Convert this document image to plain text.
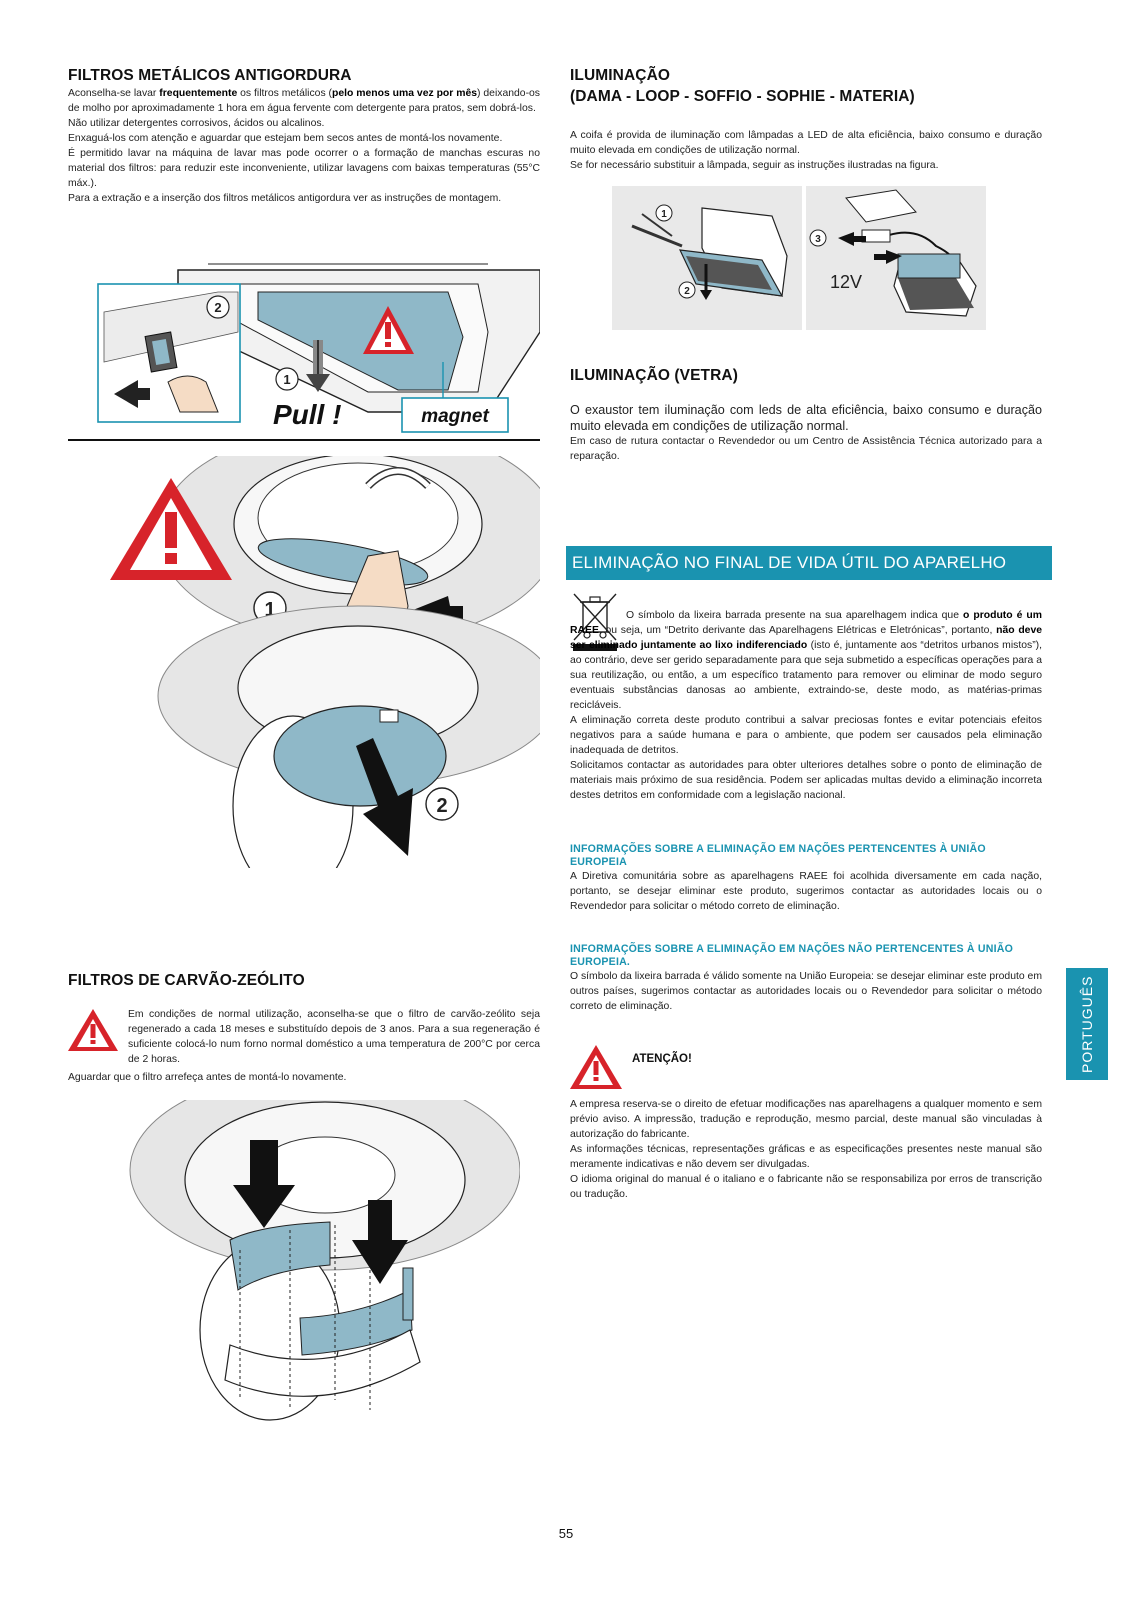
FILTROS METÁLICOS ANTIGORDURA

Aconselha-se lavar frequentemente os filtros metálicos (pelo menos uma vez por mês) deixando-os de molho por aproximadamente 1 hora em água fervente com detergente para pratos, sem dobrá-los.

Não utilizar detergentes corrosivos, ácidos ou alcalinos.

Enxaguá-los com atenção e aguardar que estejam bem secos antes de montá-los novamente.

É permitido lavar na máquina de lavar mas pode ocorrer o a formação de manchas escuras no material dos filtros: para reduzir este inconveniente, utilizar lavagens com baixas temperaturas (55°C máx.).

Para a extração e a inserção dos filtros metálicos antigordura ver as instruções de montagem.

1
Pull !	magnet
2
1
2
FILTROS DE CARVÃO-ZEÓLITO

Em condições de normal utilização, aconselha-se que o filtro de carvão-zeólito seja regenerado a cada 18 meses e substituído depois de 3 anos. Para a sua regeneração é suficiente colocá-lo num forno normal doméstico a uma temperatura de 200°C por cerca de 2 horas.

Aguardar que o filtro arrefeça antes de montá-lo novamente.

ILUMINAÇÃO
(DAMA - LOOP - SOFFIO - SOPHIE - MATERIA)

A coifa é provida de iluminação com lâmpadas a LED de alta eficiência, baixo consumo e duração muito elevada em condições de utilização normal.

Se for necessário substituir a lâmpada, seguir as instruções ilustradas na figura.

1
2
3
12V
ILUMINAÇÃO (VETRA)

O exaustor tem iluminação com leds de alta eficiência, baixo consumo e duração muito elevada em condições de utilização normal.

Em caso de rutura contactar o Revendedor ou um Centro de Assistência Técnica autorizado para a reparação.

ELIMINAÇÃO NO FINAL DE VIDA ÚTIL DO APARELHO

O símbolo da lixeira barrada presente na sua aparelhagem indica que o produto é um RAEE, ou seja, um “Detrito derivante das Aparelhagens Elétricas e Eletrónicas”, portanto, não deve ser eliminado juntamente ao lixo indiferenciado (isto é, juntamente aos “detritos urbanos mistos”), ao contrário, deve ser gerido separadamente para que seja submetido a específicas operações para a sua reutilização, ou então, a um específico tratamento para remover ou eliminar de modo seguro eventuais substâncias danosas ao ambiente, extraindo-se, deste modo, as matérias-primas recicláveis.

A eliminação correta deste produto contribui a salvar preciosas fontes e evitar potenciais efeitos negativos para a saúde humana e para o ambiente, que podem ser causados pela eliminação inadequada de detritos.

Solicitamos contactar as autoridades para obter ulteriores detalhes sobre o ponto de eliminação de materiais mais próximo de sua residência. Podem ser aplicadas multas devido a eliminação incorreta destes detritos em conformidade com a legislação nacional.

INFORMAÇÕES SOBRE A ELIMINAÇÃO EM NAÇÕES PERTENCENTES À UNIÃO EUROPEIA

A Diretiva comunitária sobre as aparelhagens RAEE foi acolhida diversamente em cada nação, portanto, se desejar eliminar este produto, sugerimos contactar as autoridades locais ou o Revendedor para solicitar o método correto de eliminação.

INFORMAÇÕES SOBRE A ELIMINAÇÃO EM NAÇÕES NÃO PERTENCENTES À UNIÃO EUROPEIA.

O símbolo da lixeira barrada é válido somente na União Europeia: se desejar eliminar este produto em outros países, sugerimos contactar as autoridades locais ou o Revendedor para solicitar o método correto de eliminação.

ATENÇÃO!

A empresa reserva-se o direito de efetuar modificações nas aparelhagens a qualquer momento e sem prévio aviso. A impressão, tradução e reprodução, mesmo parcial, deste manual são vinculadas à autorização do fabricante.

As informações técnicas, representações gráficas e as especificações presentes neste manual são meramente indicativas e não devem ser divulgadas.

O idioma original do manual é o italiano e o fabricante não se responsabiliza por erros de transcrição ou tradução.

PORTUGUÊS
55
